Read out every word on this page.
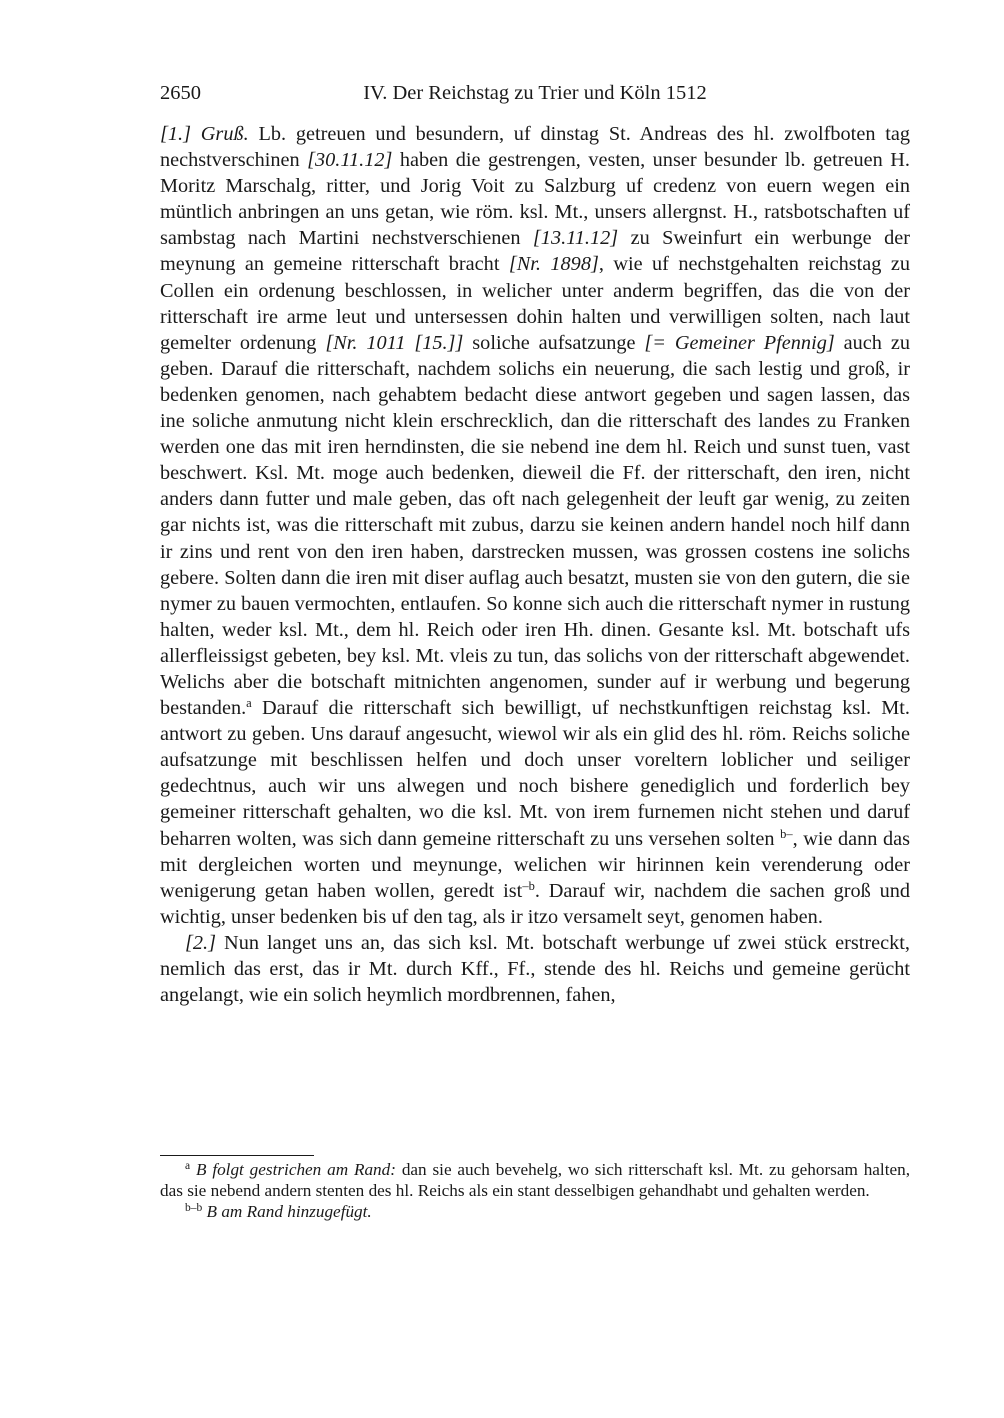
2650	IV. Der Reichstag zu Trier und Köln 1512

[1.] Gruß. Lb. getreuen und besundern, uf dinstag St. Andreas des hl. zwolfboten tag nechstverschinen [30.11.12] haben die gestrengen, vesten, unser besunder lb. getreuen H. Moritz Marschalg, ritter, und Jorig Voit zu Salzburg uf credenz von euern wegen ein müntlich anbringen an uns getan, wie röm. ksl. Mt., unsers allergnst. H., ratsbotschaften uf sambstag nach Martini nechstverschienen [13.11.12] zu Sweinfurt ein werbunge der meynung an gemeine ritterschaft bracht [Nr. 1898], wie uf nechstgehalten reichstag zu Collen ein ordenung beschlossen, in welicher unter anderm begriffen, das die von der ritterschaft ire arme leut und untersessen dohin halten und verwilligen solten, nach laut gemelter ordenung [Nr. 1011 [15.]] soliche aufsatzunge [= Gemeiner Pfennig] auch zu geben. Darauf die ritterschaft, nachdem solichs ein neuerung, die sach lestig und groß, ir bedenken genomen, nach gehabtem bedacht diese antwort gegeben und sagen lassen, das ine soliche anmutung nicht klein erschrecklich, dan die ritterschaft des landes zu Franken werden one das mit iren herndinsten, die sie nebend ine dem hl. Reich und sunst tuen, vast beschwert. Ksl. Mt. moge auch bedenken, dieweil die Ff. der ritterschaft, den iren, nicht anders dann futter und male geben, das oft nach gelegenheit der leuft gar wenig, zu zeiten gar nichts ist, was die ritterschaft mit zubus, darzu sie keinen andern handel noch hilf dann ir zins und rent von den iren haben, darstrecken mussen, was grossen costens ine solichs gebere. Solten dann die iren mit diser auflag auch besatzt, musten sie von den gutern, die sie nymer zu bauen vermochten, entlaufen. So konne sich auch die ritterschaft nymer in rustung halten, weder ksl. Mt., dem hl. Reich oder iren Hh. dinen. Gesante ksl. Mt. botschaft ufs allerfleissigst gebeten, bey ksl. Mt. vleis zu tun, das solichs von der ritterschaft abgewendet. Welichs aber die botschaft mitnichten angenomen, sunder auf ir werbung und begerung bestanden.$^a$ Darauf die ritterschaft sich bewilligt, uf nechstkunftigen reichstag ksl. Mt. antwort zu geben. Uns darauf angesucht, wiewol wir als ein glid des hl. röm. Reichs soliche aufsatzunge mit beschlissen helfen und doch unser voreltern loblicher und seiliger gedechtnus, auch wir uns alwegen und noch bishere genediglich und forderlich bey gemeiner ritterschaft gehalten, wo die ksl. Mt. von irem furnemen nicht stehen und daruf beharren wolten, was sich dann gemeine ritterschaft zu uns versehen solten $^{b-}$, wie dann das mit dergleichen worten und meynunge, welichen wir hirinnen kein verenderung oder wenigerung getan haben wollen, geredt ist$^{-b}$. Darauf wir, nachdem die sachen groß und wichtig, unser bedenken bis uf den tag, als ir itzo versamelt seyt, genomen haben.

[2.] Nun langet uns an, das sich ksl. Mt. botschaft werbunge uf zwei stück erstreckt, nemlich das erst, das ir Mt. durch Kff., Ff., stende des hl. Reichs und gemeine gerücht angelangt, wie ein solich heymlich mordbrennen, fahen,

$^a$ B folgt gestrichen am Rand: dan sie auch bevehelg, wo sich ritterschaft ksl. Mt. zu gehorsam halten, das sie nebend andern stenten des hl. Reichs als ein stant desselbigen gehandhabt und gehalten werden.

$^{b-b}$ B am Rand hinzugefügt.
